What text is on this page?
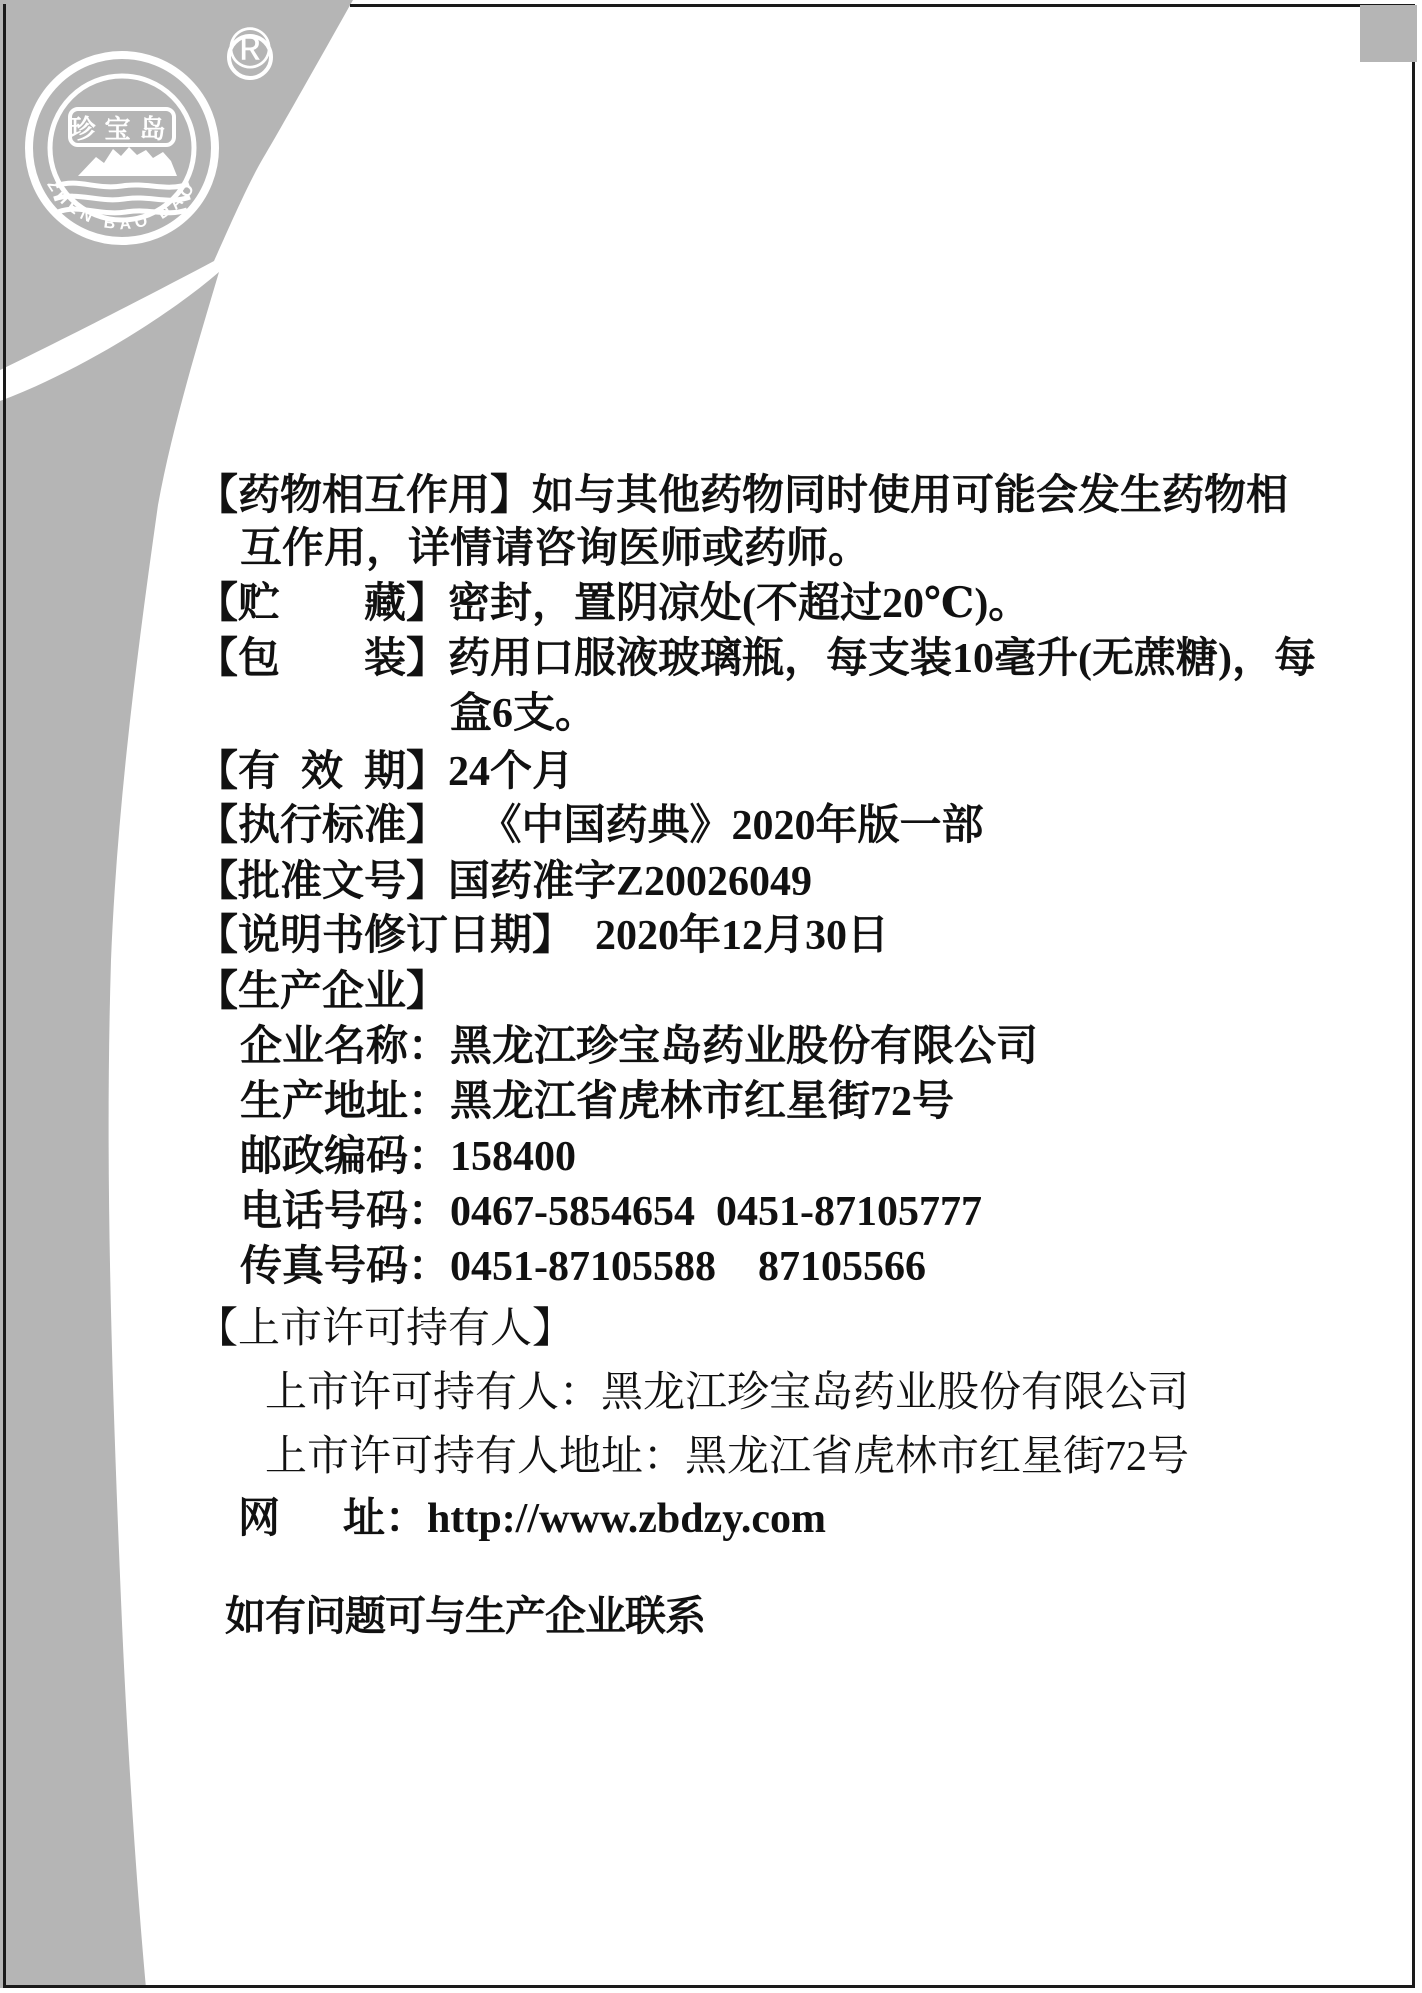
珍宝岛
ZHEN BAO DAO
®
【药物相互作用】如与其他药物同时使用可能会发生药物相
互作用，详情请咨询医师或药师。
【贮　　藏】密封，置阴凉处(不超过20℃)。
【包　　装】药用口服液玻璃瓶，每支装10毫升(无蔗糖)，每
盒6支。
【有  效  期】24个月
【执行标准】　 《中国药典》2020年版一部
【批准文号】国药准字Z20026049
【说明书修订日期】　2020年12月30日
【生产企业】
企业名称：黑龙江珍宝岛药业股份有限公司
生产地址：黑龙江省虎林市红星街72号
邮政编码：158400
电话号码：0467-5854654  0451-87105777
传真号码：0451-87105588    87105566
【上市许可持有人】
上市许可持有人：黑龙江珍宝岛药业股份有限公司
上市许可持有人地址：黑龙江省虎林市红星街72号
网　  址：http://www.zbdzy.com
如有问题可与生产企业联系
